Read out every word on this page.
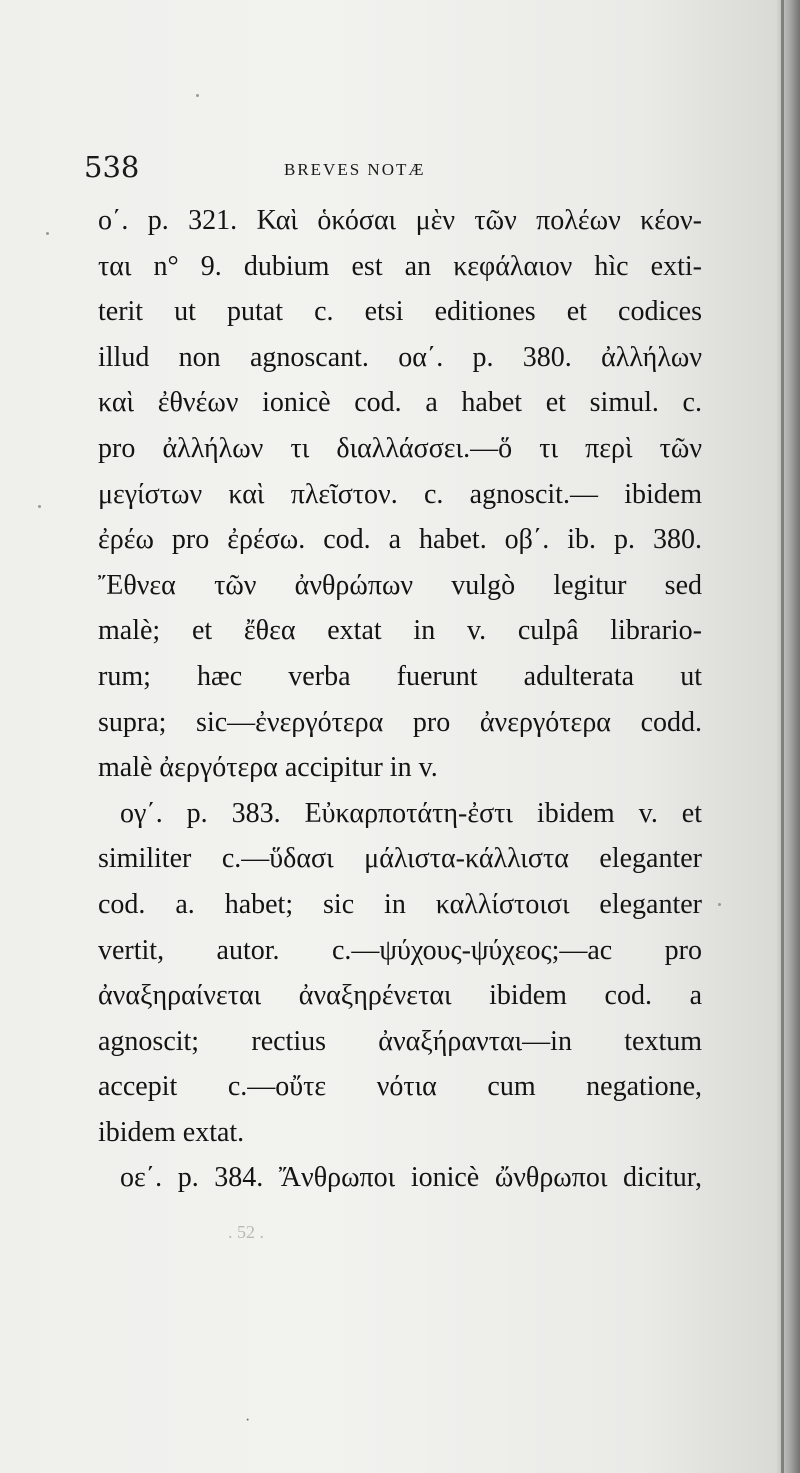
538	BREVES NOTÆ
ο΄. p. 321. Καὶ ὁκόσαι μὲν τῶν πολέων κέον-
ται n° 9. dubium est an κεφάλαιον hìc exti-
terit ut putat c. etsi editiones et codices
illud non agnoscant. οα΄. p. 380. ἀλλήλων
καὶ ἐθνέων ionicè cod. a habet et simul. c.
pro ἀλλήλων τι διαλλάσσει.—ὅ τι περὶ τῶν
μεγίστων καὶ πλεῖστον. c. agnoscit.— ibidem
ἐρέω pro ἐρέσω. cod. a habet. οβ΄. ib. p. 380.
Ἔθνεα τῶν ἀνθρώπων vulgò legitur sed
malè; et ἔθεα extat in v. culpâ librario-
rum; hæc verba fuerunt adulterata ut
supra; sic—ἐνεργότερα pro ἀνεργότερα codd.
malè ἀεργότερα accipitur in v.
ογ΄. p. 383. Εὐκαρποτάτη-ἐστι ibidem v. et
similiter c.—ὕδασι μάλιστα-κάλλιστα eleganter
cod. a. habet; sic in καλλίστοισι eleganter
vertit, autor. c.—ψύχους-ψύχεος;—ac pro
ἀναξηραίνεται ἀναξηρένεται ibidem cod. a
agnoscit; rectius ἀναξήρανται—in textum
accepit c.—οὔτε νότια cum negatione,
ibidem extat.
οε΄. p. 384. Ἄνθρωποι ionicè ὤνθρωποι dicitur,
. 52 .
·
